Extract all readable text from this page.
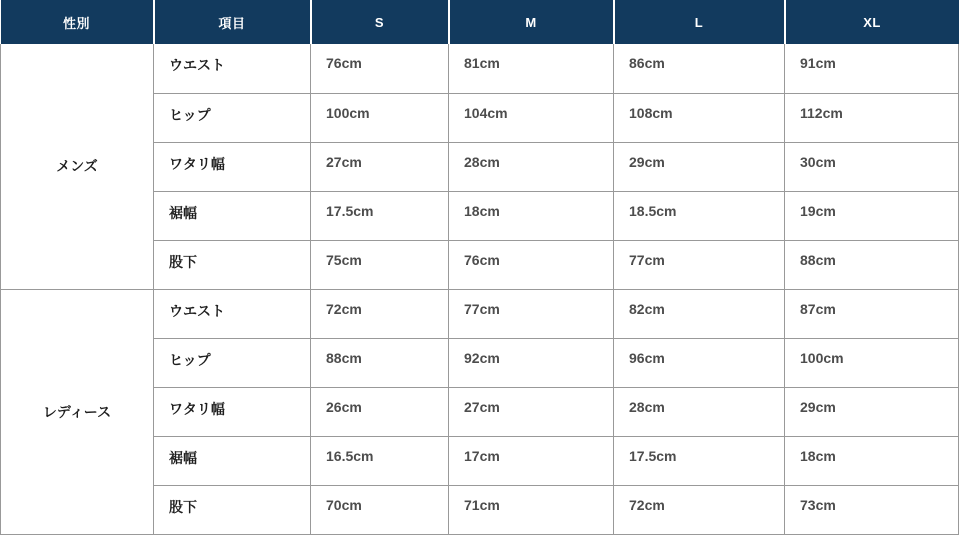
性別	項目	S	M	L	XL
メンズ	ウエスト	76cm	81cm	86cm	91cm
	ヒップ	100cm	104cm	108cm	112cm
	ワタリ幅	27cm	28cm	29cm	30cm
	裾幅	17.5cm	18cm	18.5cm	19cm
	股下	75cm	76cm	77cm	88cm
レディース	ウエスト	72cm	77cm	82cm	87cm
	ヒップ	88cm	92cm	96cm	100cm
	ワタリ幅	26cm	27cm	28cm	29cm
	裾幅	16.5cm	17cm	17.5cm	18cm
	股下	70cm	71cm	72cm	73cm
